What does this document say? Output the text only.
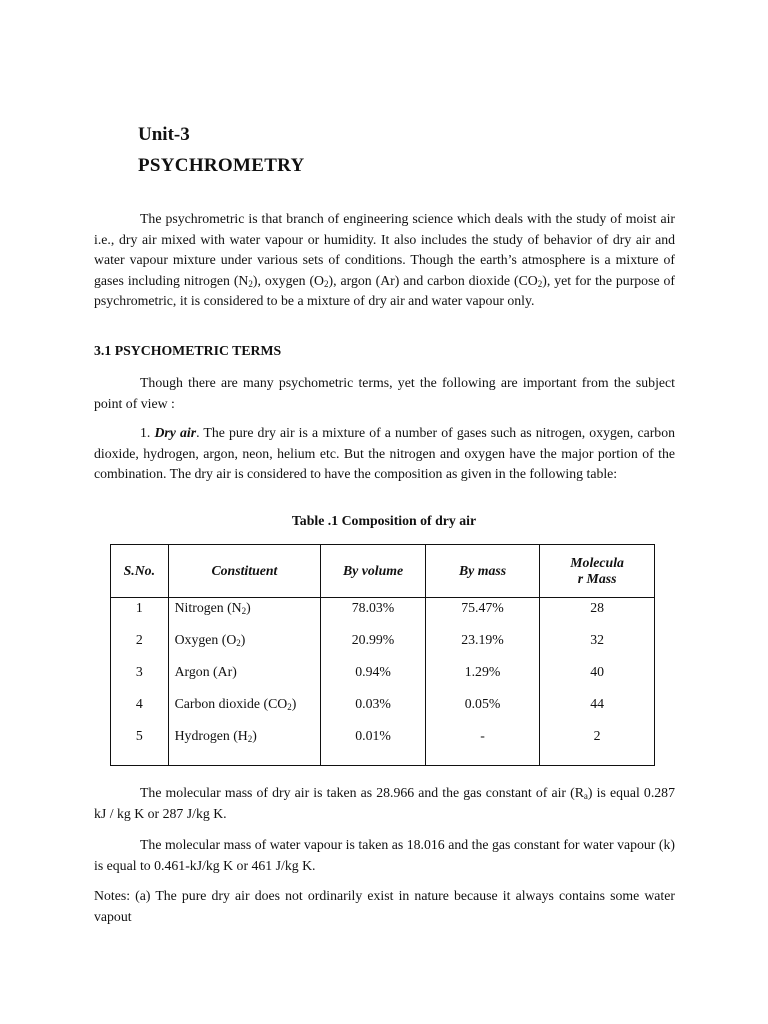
Unit-3
PSYCHROMETRY

The psychrometric is that branch of engineering science which deals with the study of moist air i.e., dry air mixed with water vapour or humidity. It also includes the study of behavior of dry air and water vapour mixture under various sets of conditions. Though the earth’s atmosphere is a mixture of gases including nitrogen $(N_2)$, oxygen $(O_2)$, argon (Ar) and carbon dioxide $(CO_2)$, yet for the purpose of psychrometric, it is considered to be a mixture of dry air and water vapour only.

3.1 PSYCHOMETRIC TERMS

Though there are many psychometric terms, yet the following are important from the subject point of view :

1. Dry air. The pure dry air is a mixture of a number of gases such as nitrogen, oxygen, carbon dioxide, hydrogen, argon, neon, helium etc. But the nitrogen and oxygen have the major portion of the combination. The dry air is considered to have the composition as given in the following table:

Table .1 Composition of dry air
S.No.	Constituent	By volume	By mass	Molecula
r Mass
1	Nitrogen $(N_2)$	78.03%	75.47%	28
2	Oxygen $(O_2)$	20.99%	23.19%	32
3	Argon (Ar)	0.94%	1.29%	40
4	Carbon dioxide $(CO_2)$	0.03%	0.05%	44
5	Hydrogen $(H_2)$	0.01%	-	2

The molecular mass of dry air is taken as 28.966 and the gas constant of air $(R_a)$ is equal 0.287 kJ / kg K or 287 J/kg K.

The molecular mass of water vapour is taken as 18.016 and the gas constant for water vapour (k) is equal to 0.461-kJ/kg K or 461 J/kg K.

Notes: (a) The pure dry air does not ordinarily exist in nature because it always contains some water vapout
